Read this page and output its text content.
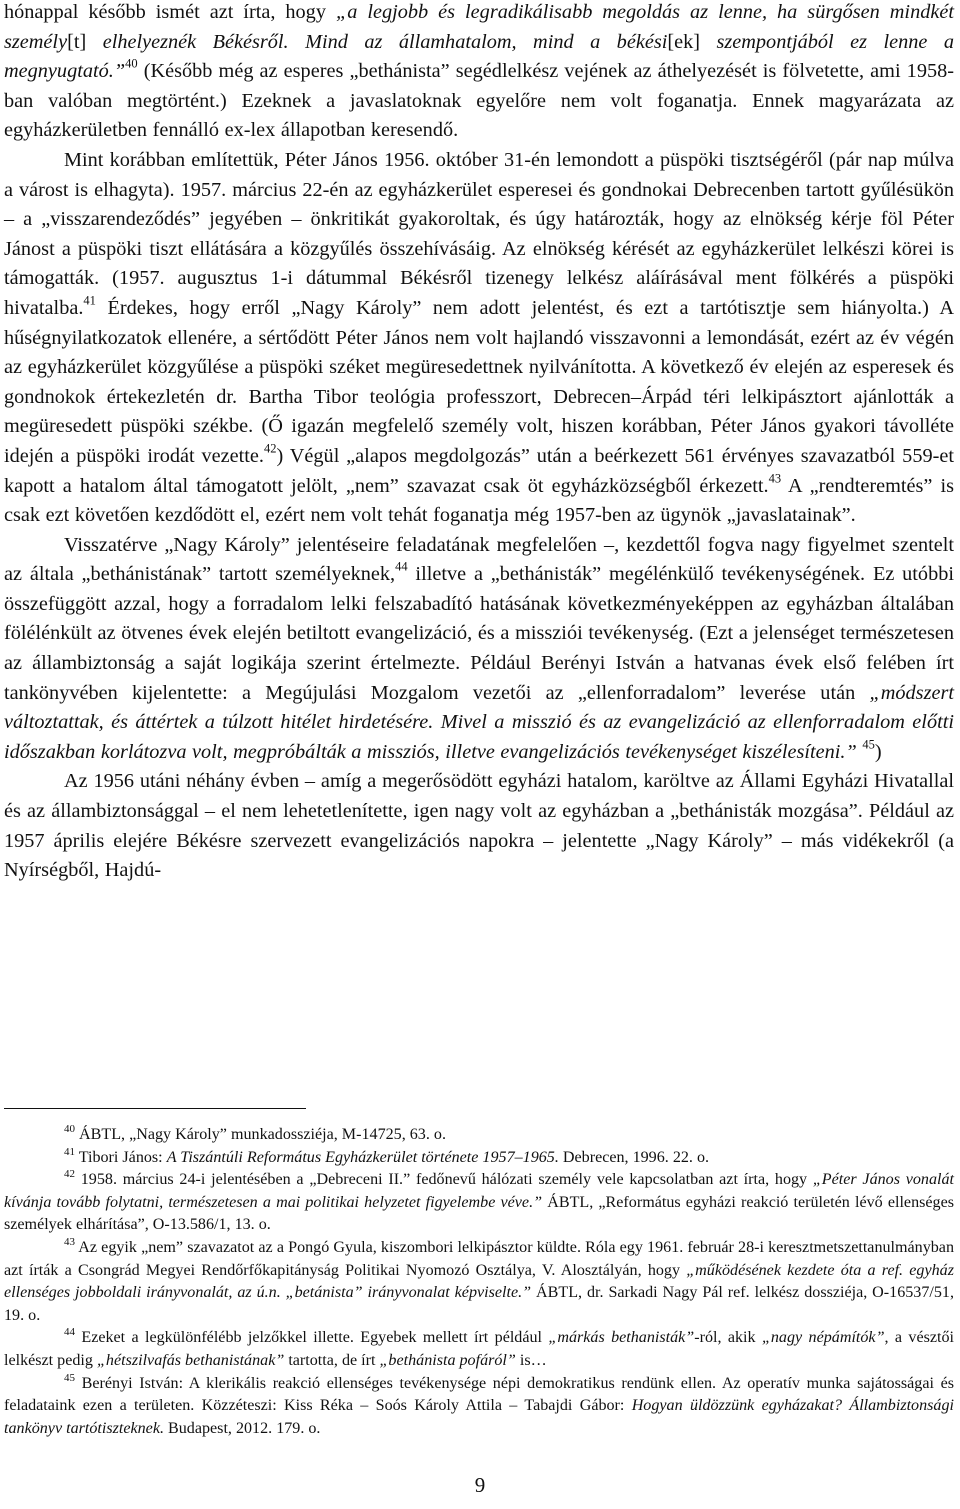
hónappal később ismét azt írta, hogy „a legjobb és legradikálisabb megoldás az lenne, ha sürgősen mindkét személy[t] elhelyeznék Békésről. Mind az államhatalom, mind a békési[ek] szempontjából ez lenne a megnyugtató.”$^{40}$ (Később még az esperes „bethánista” segédlelkész vejének az áthelyezését is fölvetette, ami 1958-ban valóban megtörtént.) Ezeknek a javaslatoknak egyelőre nem volt foganatja. Ennek magyarázata az egyházkerületben fennálló ex-lex állapotban keresendő.

Mint korábban említettük, Péter János 1956. október 31-én lemondott a püspöki tisztségéről (pár nap múlva a várost is elhagyta). 1957. március 22-én az egyházkerület esperesei és gondnokai Debrecenben tartott gyűlésükön – a „visszarendeződés” jegyében – önkritikát gyakoroltak, és úgy határozták, hogy az elnökség kérje föl Péter Jánost a püspöki tiszt ellátására a közgyűlés összehívásáig. Az elnökség kérését az egyházkerület lelkészi körei is támogatták. (1957. augusztus 1-i dátummal Békésről tizenegy lelkész aláírásával ment fölkérés a püspöki hivatalba.$^{41}$ Érdekes, hogy erről „Nagy Károly” nem adott jelentést, és ezt a tartótisztje sem hiányolta.) A hűségnyilatkozatok ellenére, a sértődött Péter János nem volt hajlandó visszavonni a lemondását, ezért az év végén az egyházkerület közgyűlése a püspöki széket megüresedettnek nyilvánította. A következő év elején az esperesek és gondnokok értekezletén dr. Bartha Tibor teológia professzort, Debrecen–Árpád téri lelkipásztort ajánlották a megüresedett püspöki székbe. (Ő igazán megfelelő személy volt, hiszen korábban, Péter János gyakori távolléte idején a püspöki irodát vezette.$^{42}$) Végül „alapos megdolgozás” után a beérkezett 561 érvényes szavazatból 559-et kapott a hatalom által támogatott jelölt, „nem” szavazat csak öt egyházközségből érkezett.$^{43}$ A „rendteremtés” is csak ezt követően kezdődött el, ezért nem volt tehát foganatja még 1957-ben az ügynök „javaslatainak”.

Visszatérve „Nagy Károly” jelentéseire feladatának megfelelően –, kezdettől fogva nagy figyelmet szentelt az általa „bethánistának” tartott személyeknek,$^{44}$ illetve a „bethánisták” megélénkülő tevékenységének. Ez utóbbi összefüggött azzal, hogy a forradalom lelki felszabadító hatásának következményeképpen az egyházban általában fölélénkült az ötvenes évek elején betiltott evangelizáció, és a missziói tevékenység. (Ezt a jelenséget természetesen az állambiztonság a saját logikája szerint értelmezte. Például Berényi István a hatvanas évek első felében írt tankönyvében kijelentette: a Megújulási Mozgalom vezetői az „ellenforradalom” leverése után „módszert változtattak, és áttértek a túlzott hitélet hirdetésére. Mivel a misszió és az evangelizáció az ellenforradalom előtti időszakban korlátozva volt, megpróbálták a missziós, illetve evangelizációs tevékenységet kiszélesíteni.” $^{45}$)

Az 1956 utáni néhány évben – amíg a megerősödött egyházi hatalom, karöltve az Állami Egyházi Hivatallal és az állambiztonsággal – el nem lehetetlenítette, igen nagy volt az egyházban a „bethánisták mozgása”. Például az 1957 április elejére Békésre szervezett evangelizációs napokra – jelentette „Nagy Károly” – más vidékekről (a Nyírségből, Hajdú-

$^{40}$ ÁBTL, „Nagy Károly” munkadossziéja, M-14725, 63. o.

$^{41}$ Tibori János: A Tiszántúli Református Egyházkerület története 1957–1965. Debrecen, 1996. 22. o.

$^{42}$ 1958. március 24-i jelentésében a „Debreceni II.” fedőnevű hálózati személy vele kapcsolatban azt írta, hogy „Péter János vonalát kívánja tovább folytatni, természetesen a mai politikai helyzetet figyelembe véve.” ÁBTL, „Református egyházi reakció területén lévő ellenséges személyek elhárítása”, O-13.586/1, 13. o.

$^{43}$ Az egyik „nem” szavazatot az a Pongó Gyula, kiszombori lelkipásztor küldte. Róla egy 1961. február 28-i keresztmetszettanulmányban azt írták a Csongrád Megyei Rendőrfőkapitányság Politikai Nyomozó Osztálya, V. Alosztályán, hogy „működésének kezdete óta a ref. egyház ellenséges jobboldali irányvonalát, az ú.n. „betánista” irányvonalat képviselte.” ÁBTL, dr. Sarkadi Nagy Pál ref. lelkész dossziéja, O-16537/51, 19. o.

$^{44}$ Ezeket a legkülönfélébb jelzőkkel illette. Egyebek mellett írt például „márkás bethanisták”-ról, akik „nagy népámítók”, a vésztői lelkészt pedig „hétszilvafás bethanistának” tartotta, de írt „bethánista pofáról” is…

$^{45}$ Berényi István: A klerikális reakció ellenséges tevékenysége népi demokratikus rendünk ellen. Az operatív munka sajátosságai és feladataink ezen a területen. Közzéteszi: Kiss Réka – Soós Károly Attila – Tabajdi Gábor: Hogyan üldözzünk egyházakat? Állambiztonsági tankönyv tartótiszteknek. Budapest, 2012. 179. o.

9
